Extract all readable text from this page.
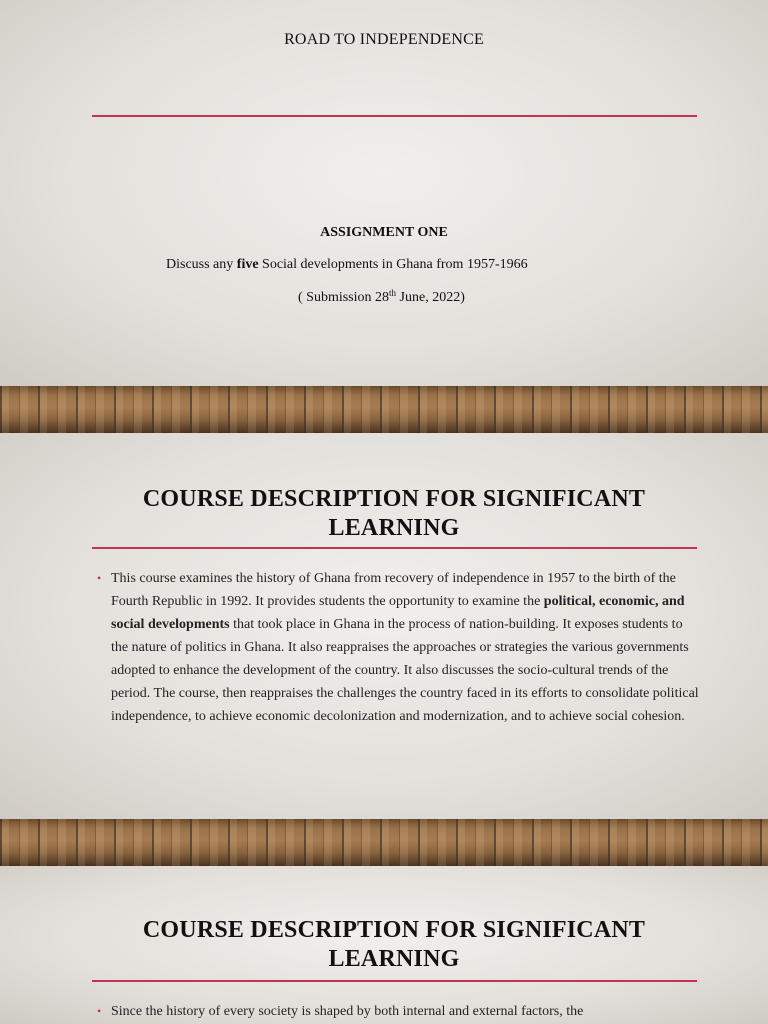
ROAD TO INDEPENDENCE
ASSIGNMENT ONE
Discuss any five Social developments in Ghana from 1957-1966
( Submission 28th June, 2022)
COURSE DESCRIPTION FOR SIGNIFICANT
LEARNING
• This course examines the history of Ghana from recovery of independence in 1957 to the birth of the Fourth Republic in 1992. It provides students the opportunity to examine the political, economic, and social developments that took place in Ghana in the process of nation-building. It exposes students to the nature of politics in Ghana. It also reappraises the approaches or strategies the various governments adopted to enhance the development of the country. It also discusses the socio-cultural trends of the period. The course, then reappraises the challenges the country faced in its efforts to consolidate political independence, to achieve economic decolonization and modernization, and to achieve social cohesion.
COURSE DESCRIPTION FOR SIGNIFICANT
LEARNING
• Since the history of every society is shaped by both internal and external factors, the
